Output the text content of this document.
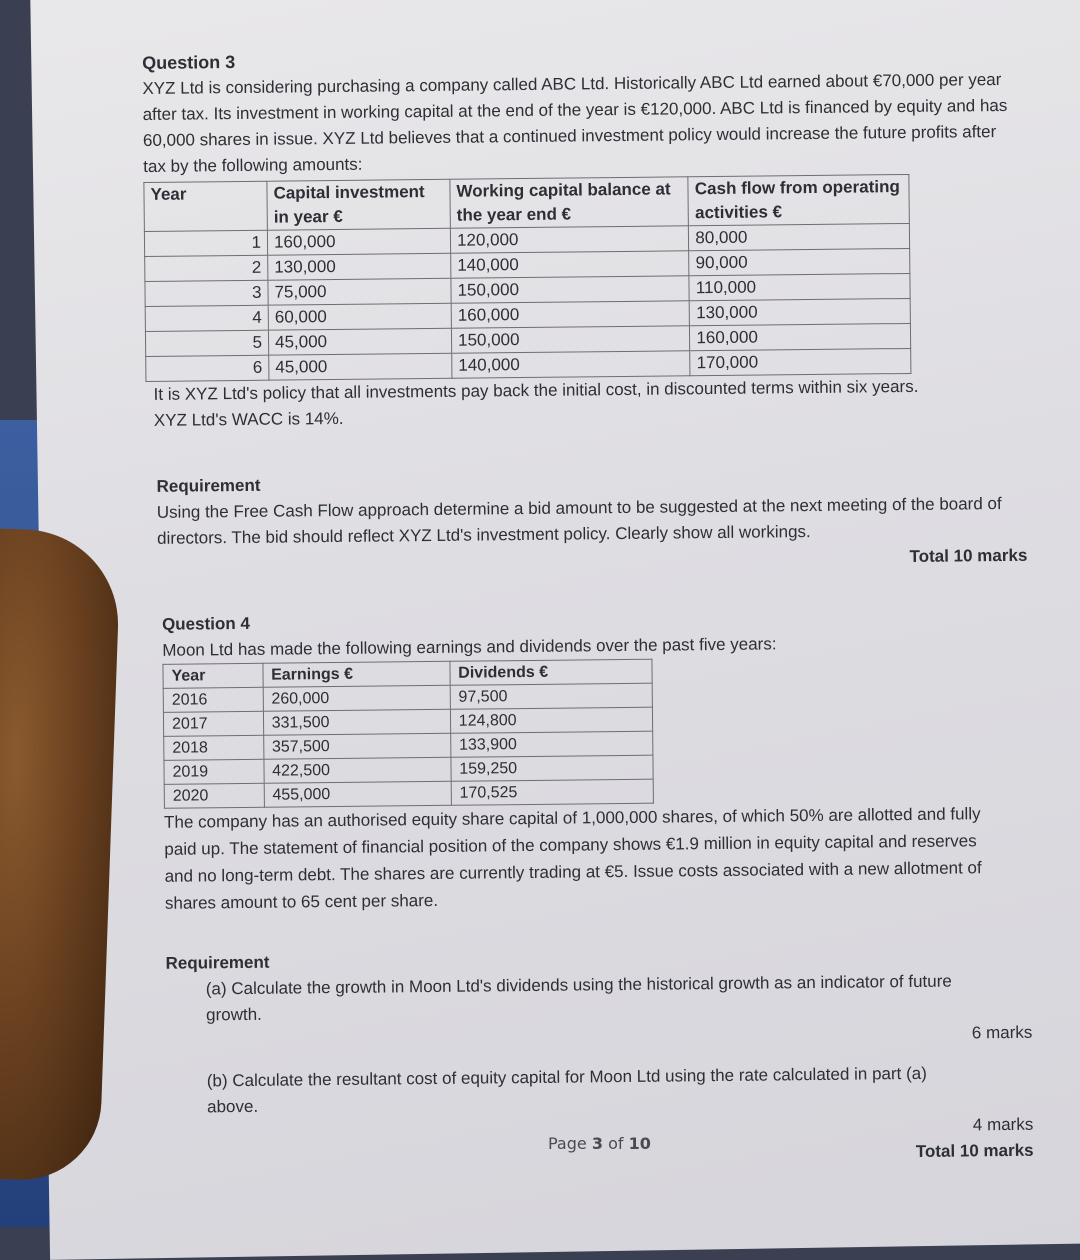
Question 3

XYZ Ltd is considering purchasing a company called ABC Ltd. Historically ABC Ltd earned about €70,000 per year after tax. Its investment in working capital at the end of the year is €120,000. ABC Ltd is financed by equity and has 60,000 shares in issue. XYZ Ltd believes that a continued investment policy would increase the future profits after tax by the following amounts:

Year	Capital investment in year €	Working capital balance at the year end €	Cash flow from operating activities €
1	160,000	120,000	80,000
2	130,000	140,000	90,000
3	75,000	150,000	110,000
4	60,000	160,000	130,000
5	45,000	150,000	160,000
6	45,000	140,000	170,000

It is XYZ Ltd's policy that all investments pay back the initial cost, in discounted terms within six years.

XYZ Ltd's WACC is 14%.

Requirement

Using the Free Cash Flow approach determine a bid amount to be suggested at the next meeting of the board of directors. The bid should reflect XYZ Ltd's investment policy. Clearly show all workings.

Total 10 marks

Question 4

Moon Ltd has made the following earnings and dividends over the past five years:

Year	Earnings €	Dividends €
2016	260,000	97,500
2017	331,500	124,800
2018	357,500	133,900
2019	422,500	159,250
2020	455,000	170,525

The company has an authorised equity share capital of 1,000,000 shares, of which 50% are allotted and fully paid up. The statement of financial position of the company shows €1.9 million in equity capital and reserves and no long-term debt. The shares are currently trading at €5. Issue costs associated with a new allotment of shares amount to 65 cent per share.

Requirement

(a) Calculate the growth in Moon Ltd's dividends using the historical growth as an indicator of future growth.

6 marks

(b) Calculate the resultant cost of equity capital for Moon Ltd using the rate calculated in part (a) above.

4 marks

Total 10 marks

Page 3 of 10
